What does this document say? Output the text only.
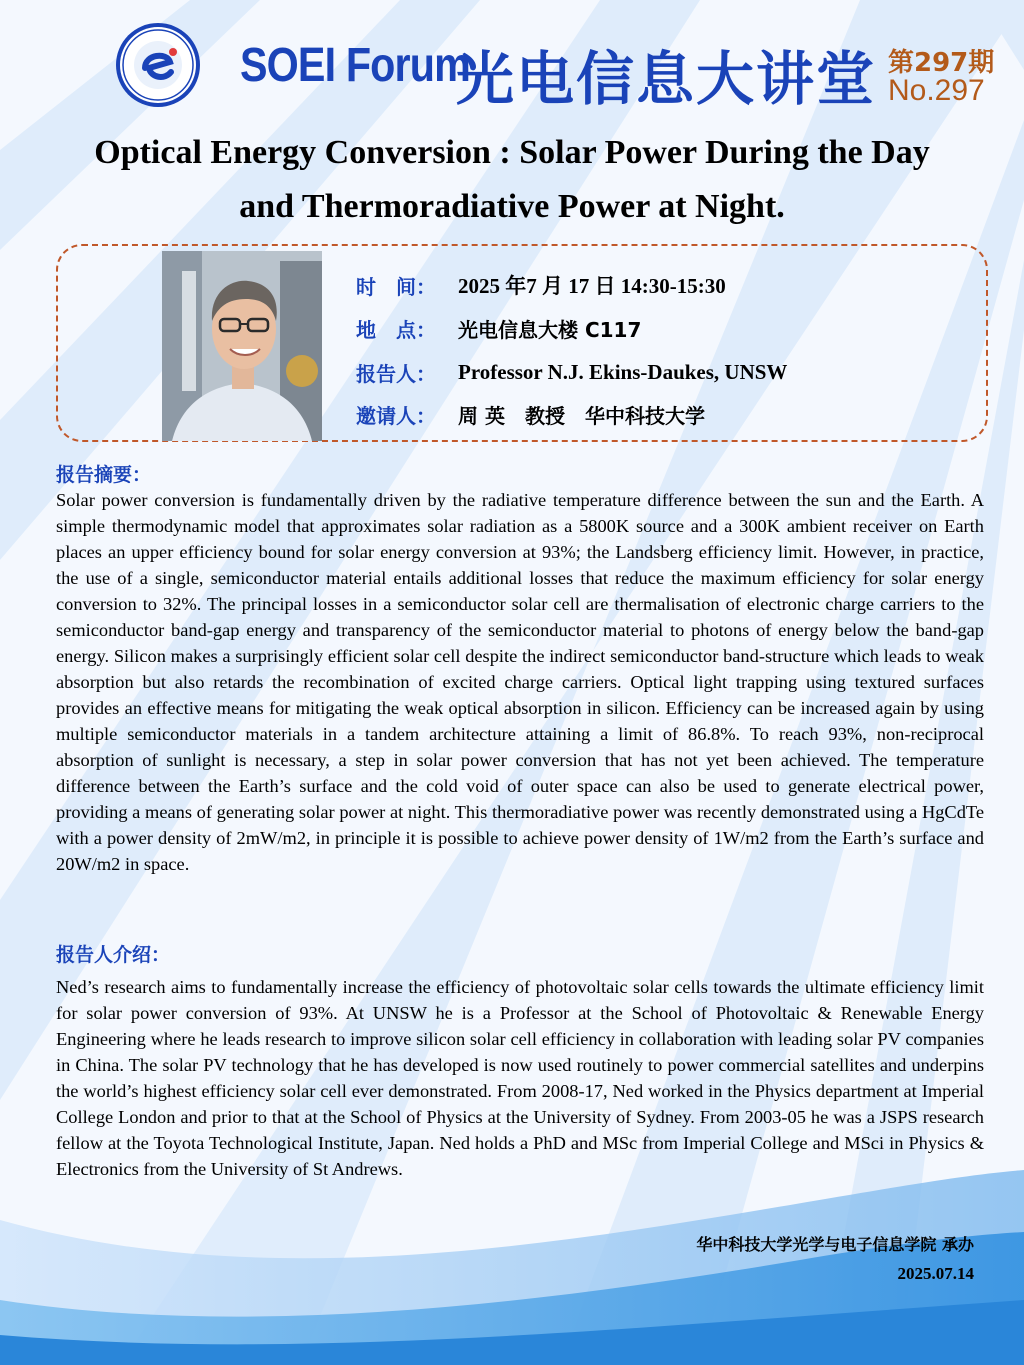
SOEI Forum
光电信息大讲堂 第297期
No.297
Optical Energy Conversion : Solar Power During the Day
and Thermoradiative Power at Night.
时　间：	2025 年7 月 17 日 14:30-15:30
地　点：	光电信息大楼 C117
报告人：	Professor N.J. Ekins-Daukes, UNSW
邀请人：	周 英　教授　华中科技大学
报告摘要：
Solar power conversion is fundamentally driven by the radiative temperature difference between the sun and the Earth. A simple thermodynamic model that approximates solar radiation as a 5800K source and a 300K ambient receiver on Earth places an upper efficiency bound for solar energy conversion at 93%; the Landsberg efficiency limit. However, in practice, the use of a single, semiconductor material entails additional losses that reduce the maximum efficiency for solar energy conversion to 32%. The principal losses in a semiconductor solar cell are thermalisation of electronic charge carriers to the semiconductor band-gap energy and transparency of the semiconductor material to photons of energy below the band-gap energy. Silicon makes a surprisingly efficient solar cell despite the indirect semiconductor band-structure which leads to weak absorption but also retards the recombination of excited charge carriers. Optical light trapping using textured surfaces provides an effective means for mitigating the weak optical absorption in silicon. Efficiency can be increased again by using multiple semiconductor materials in a tandem architecture attaining a limit of 86.8%. To reach 93%, non-reciprocal absorption of sunlight is necessary, a step in solar power conversion that has not yet been achieved. The temperature difference between the Earth’s surface and the cold void of outer space can also be used to generate electrical power, providing a means of generating solar power at night. This thermoradiative power was recently demonstrated using a HgCdTe with a power density of 2mW/m2, in principle it is possible to achieve power density of 1W/m2 from the Earth’s surface and 20W/m2 in space.
报告人介绍：
Ned’s research aims to fundamentally increase the efficiency of photovoltaic solar cells towards the ultimate efficiency limit for solar power conversion of 93%. At UNSW he is a Professor at the School of Photovoltaic & Renewable Energy Engineering where he leads research to improve silicon solar cell efficiency in collaboration with leading solar PV companies in China. The solar PV technology that he has developed is now used routinely to power commercial satellites and underpins the world’s highest efficiency solar cell ever demonstrated. From 2008-17, Ned worked in the Physics department at Imperial College London and prior to that at the School of Physics at the University of Sydney. From 2003-05 he was a JSPS research fellow at the Toyota Technological Institute, Japan. Ned holds a PhD and MSc from Imperial College and MSci in Physics & Electronics from the University of St Andrews.
华中科技大学光学与电子信息学院 承办
2025.07.14
